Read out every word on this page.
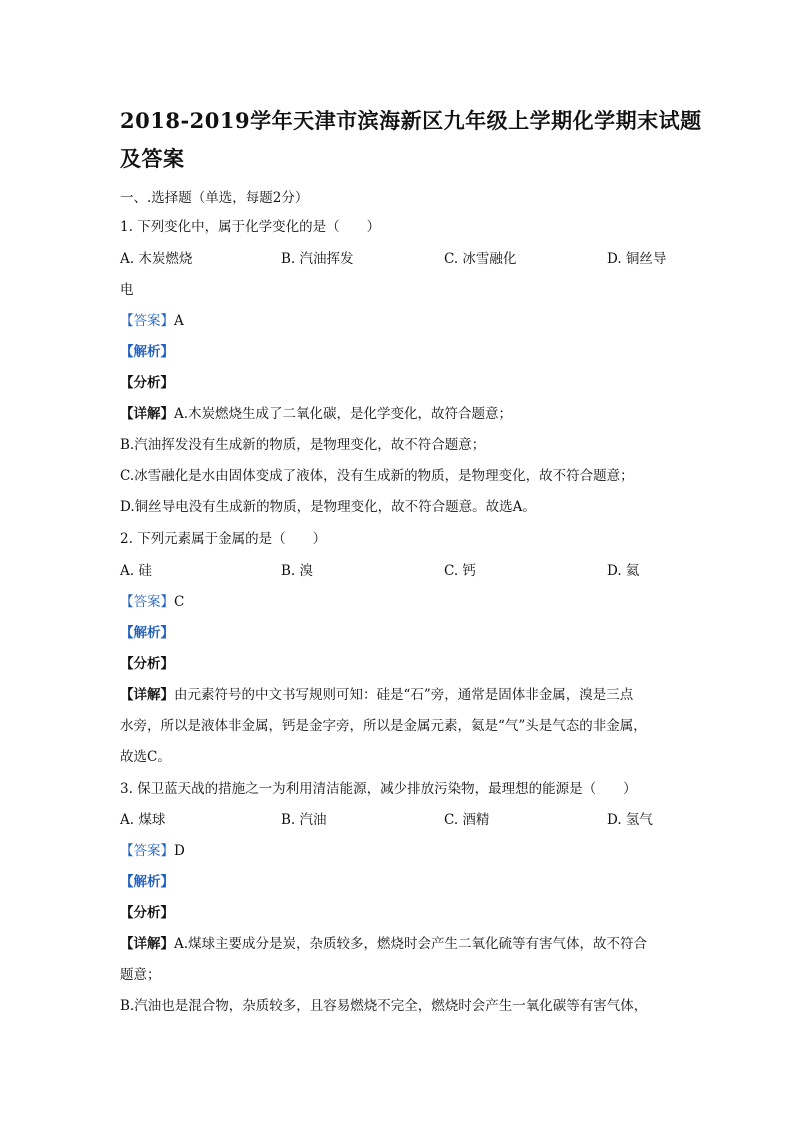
2018-2019学年天津市滨海新区九年级上学期化学期末试题
及答案
一、.选择题（单选，每题2分）
1. 下列变化中，属于化学变化的是（　　）
A. 木炭燃烧	B. 汽油挥发	C. 冰雪融化	D. 铜丝导
电
【答案】A
【解析】
【分析】
【详解】A.木炭燃烧生成了二氧化碳，是化学变化，故符合题意；
B.汽油挥发没有生成新的物质，是物理变化，故不符合题意；
C.冰雪融化是水由固体变成了液体，没有生成新的物质，是物理变化，故不符合题意；
D.铜丝导电没有生成新的物质，是物理变化，故不符合题意。故选A。
2. 下列元素属于金属的是（　　）
A. 硅	B. 溴	C. 钙	D. 氦
【答案】C
【解析】
【分析】
【详解】由元素符号的中文书写规则可知：硅是“石”旁，通常是固体非金属，溴是三点
水旁，所以是液体非金属，钙是金字旁，所以是金属元素，氦是“气”头是气态的非金属，
故选C。
3. 保卫蓝天战的措施之一为利用清洁能源，减少排放污染物，最理想的能源是（　　）
A. 煤球	B. 汽油	C. 酒精	D. 氢气
【答案】D
【解析】
【分析】
【详解】A.煤球主要成分是炭，杂质较多，燃烧时会产生二氧化硫等有害气体，故不符合
题意；
B.汽油也是混合物，杂质较多，且容易燃烧不完全，燃烧时会产生一氧化碳等有害气体，
